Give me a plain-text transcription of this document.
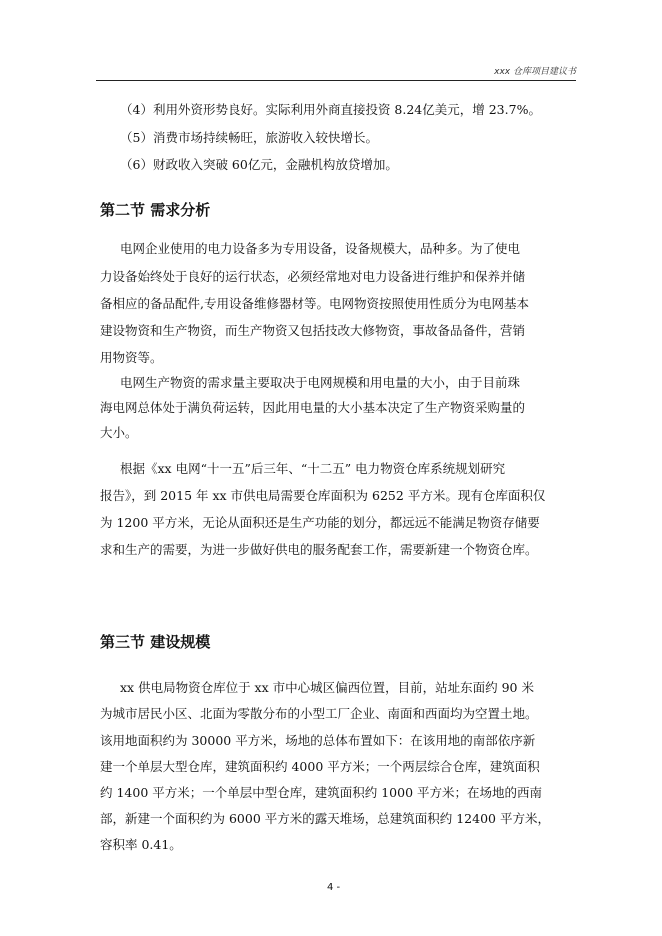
xxx 仓库项目建议书
（4）利用外资形势良好。实际利用外商直接投资 8.24亿美元，增 23.7%。
（5）消费市场持续畅旺，旅游收入较快增长。
（6）财政收入突破 60亿元，金融机构放贷增加。
第二节 需求分析
电网企业使用的电力设备多为专用设备，设备规模大，品种多。为了使电
力设备始终处于良好的运行状态，必须经常地对电力设备进行维护和保养并储
备相应的备品配件,专用设备维修器材等。电网物资按照使用性质分为电网基本
建设物资和生产物资，而生产物资又包括技改大修物资，事故备品备件，营销
用物资等。
电网生产物资的需求量主要取决于电网规模和用电量的大小，由于目前珠
海电网总体处于满负荷运转，因此用电量的大小基本决定了生产物资采购量的
大小。
根据《xx 电网“十一五”后三年、“十二五” 电力物资仓库系统规划研究
报告》，到 2015 年 xx 市供电局需要仓库面积为 6252 平方米。现有仓库面积仅
为 1200 平方米，无论从面积还是生产功能的划分，都远远不能满足物资存储要
求和生产的需要，为进一步做好供电的服务配套工作，需要新建一个物资仓库。
第三节 建设规模
xx 供电局物资仓库位于 xx 市中心城区偏西位置，目前，站址东面约 90 米
为城市居民小区、北面为零散分布的小型工厂企业、南面和西面均为空置土地。
该用地面积约为 30000 平方米，场地的总体布置如下：在该用地的南部依序新
建一个单层大型仓库，建筑面积约 4000 平方米；一个两层综合仓库，建筑面积
约 1400 平方米；一个单层中型仓库，建筑面积约 1000 平方米；在场地的西南
部，新建一个面积约为 6000 平方米的露天堆场，总建筑面积约 12400 平方米，
容积率 0.41。
4 -
